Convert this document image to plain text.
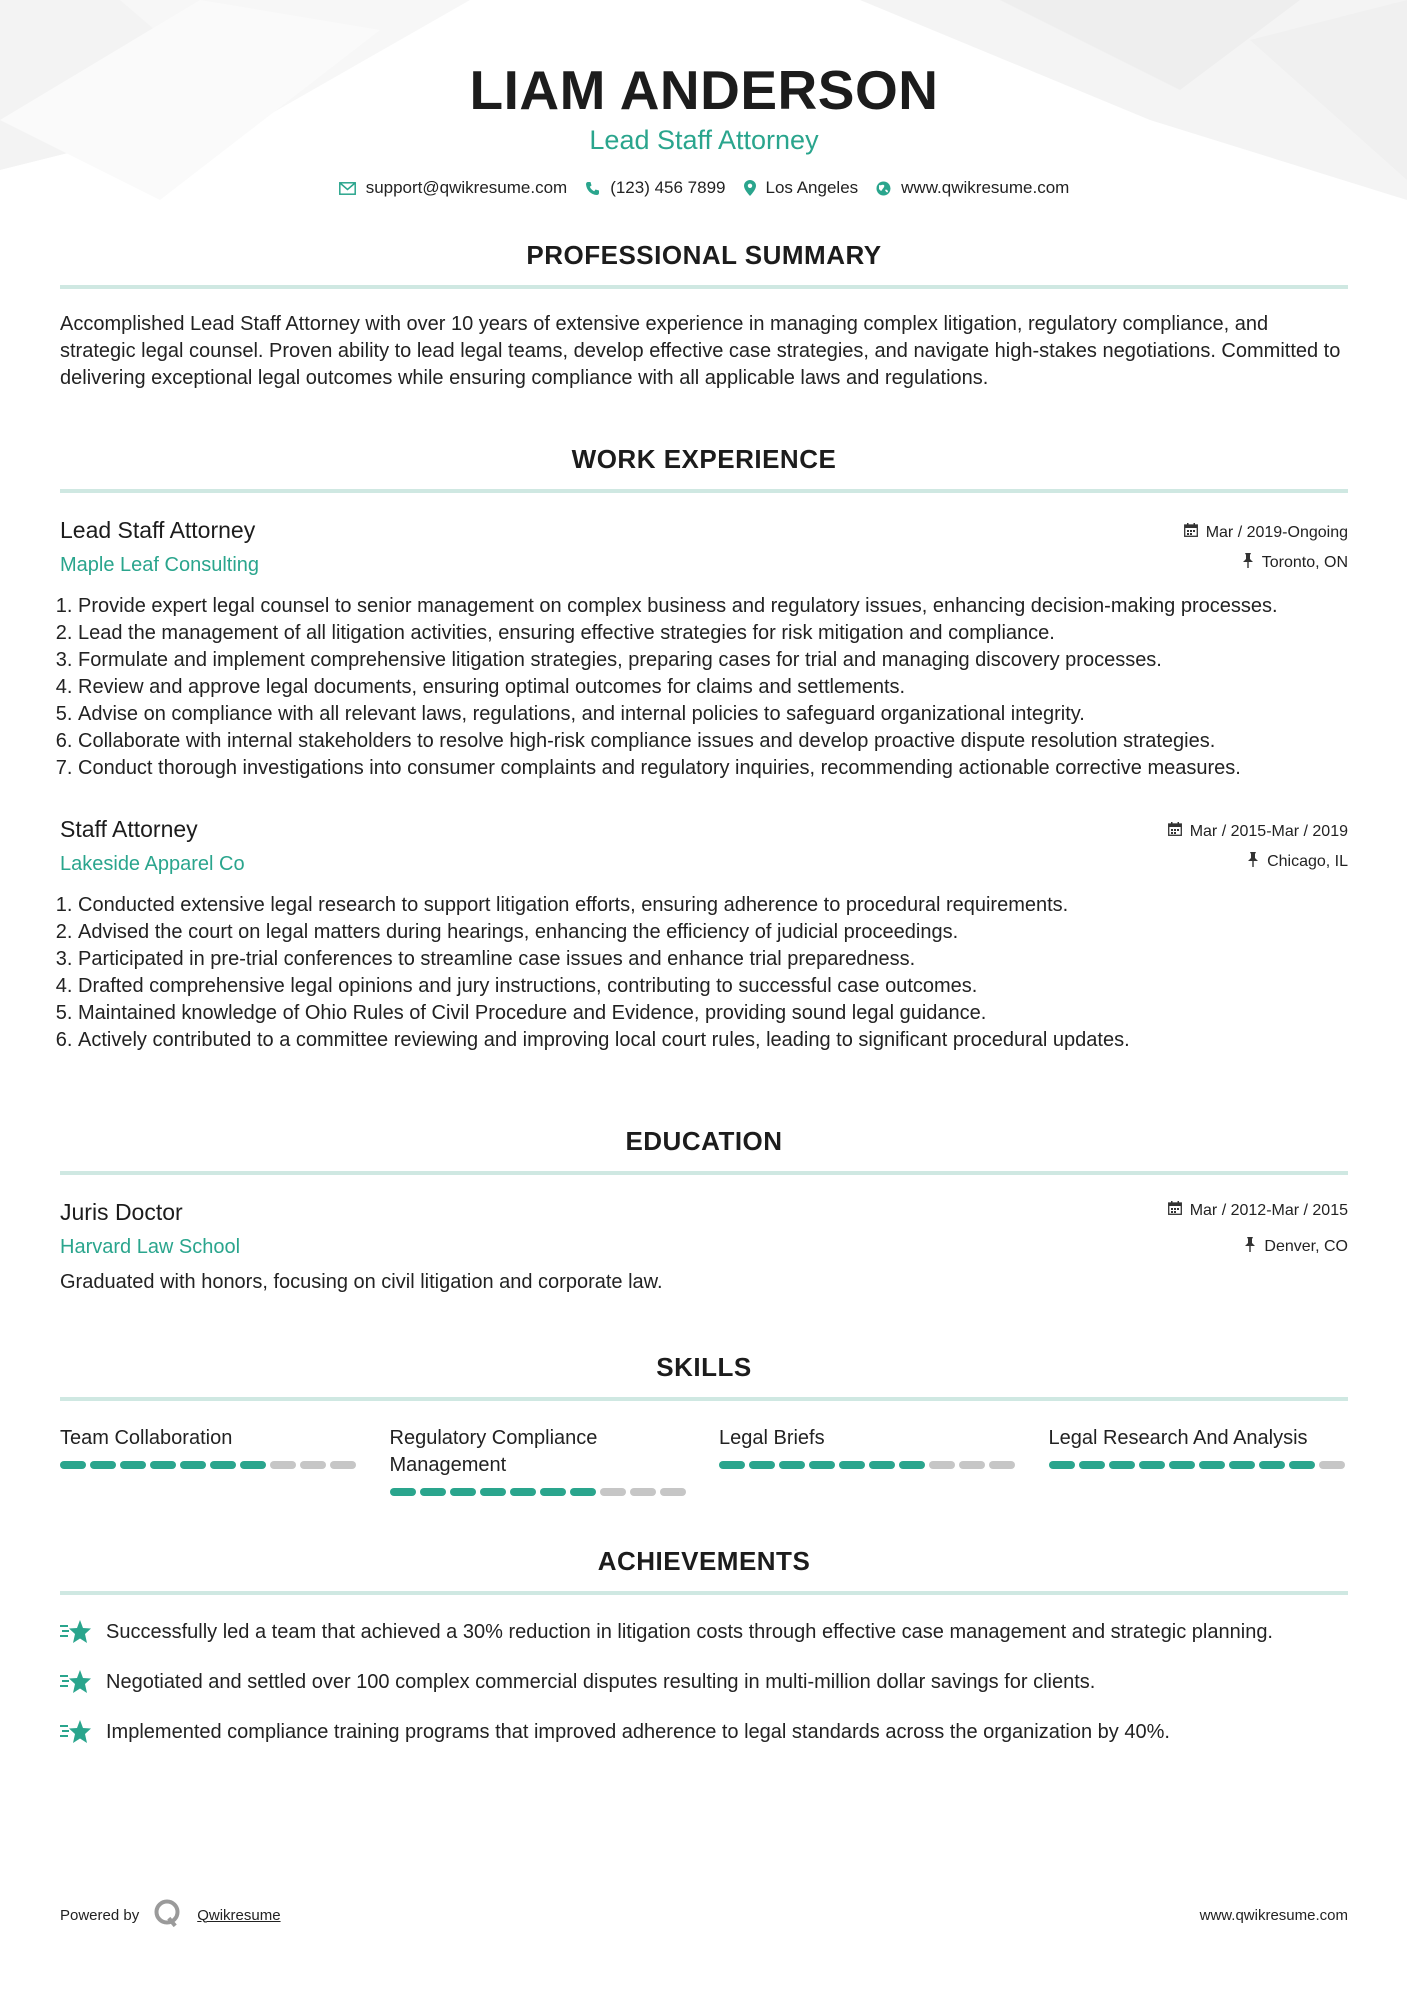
LIAM ANDERSON
Lead Staff Attorney
support@qwikresume.com	(123) 456 7899 Los Angeles	www.qwikresume.com
PROFESSIONAL SUMMARY
Accomplished Lead Staff Attorney with over 10 years of extensive experience in managing complex litigation, regulatory compliance, and strategic legal counsel. Proven ability to lead legal teams, develop effective case strategies, and navigate high-stakes negotiations. Committed to delivering exceptional legal outcomes while ensuring compliance with all applicable laws and regulations.
WORK EXPERIENCE
Lead Staff Attorney
Maple Leaf Consulting
Mar / 2019-Ongoing
Toronto, ON
1. Provide expert legal counsel to senior management on complex business and regulatory issues, enhancing decision-making processes.
2. Lead the management of all litigation activities, ensuring effective strategies for risk mitigation and compliance.
3. Formulate and implement comprehensive litigation strategies, preparing cases for trial and managing discovery processes.
4. Review and approve legal documents, ensuring optimal outcomes for claims and settlements.
5. Advise on compliance with all relevant laws, regulations, and internal policies to safeguard organizational integrity.
6. Collaborate with internal stakeholders to resolve high-risk compliance issues and develop proactive dispute resolution strategies.
7. Conduct thorough investigations into consumer complaints and regulatory inquiries, recommending actionable corrective measures.
Staff Attorney
Lakeside Apparel Co
Mar / 2015-Mar / 2019
Chicago, IL
1. Conducted extensive legal research to support litigation efforts, ensuring adherence to procedural requirements.
2. Advised the court on legal matters during hearings, enhancing the efficiency of judicial proceedings.
3. Participated in pre-trial conferences to streamline case issues and enhance trial preparedness.
4. Drafted comprehensive legal opinions and jury instructions, contributing to successful case outcomes.
5. Maintained knowledge of Ohio Rules of Civil Procedure and Evidence, providing sound legal guidance.
6. Actively contributed to a committee reviewing and improving local court rules, leading to significant procedural updates.
EDUCATION
Juris Doctor
Harvard Law School
Mar / 2012-Mar / 2015
Denver, CO
Graduated with honors, focusing on civil litigation and corporate law.
SKILLS
Team Collaboration	Regulatory Compliance Management
Legal Briefs	Legal Research And Analysis
ACHIEVEMENTS
Successfully led a team that achieved a 30% reduction in litigation costs through effective case management and strategic planning.
Negotiated and settled over 100 complex commercial disputes resulting in multi-million dollar savings for clients.
Implemented compliance training programs that improved adherence to legal standards across the organization by 40%.
Powered by	Qwikresume	www.qwikresume.com
